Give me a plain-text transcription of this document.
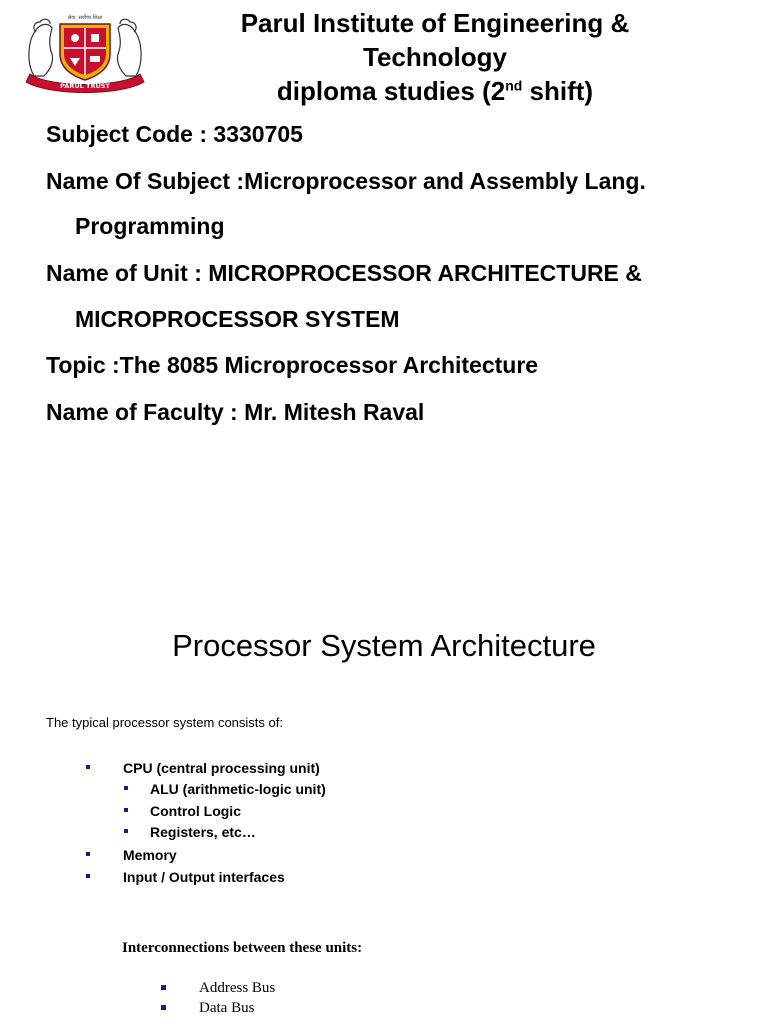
सेवा, सर्वोच्च शिक्षा
PARUL TRUST
Parul Institute of Engineering &
Technology
diploma studies (2nd shift)
Subject Code : 3330705
Name Of Subject :Microprocessor and Assembly Lang.
Programming
Name of Unit : MICROPROCESSOR ARCHITECTURE &
MICROPROCESSOR SYSTEM
Topic :The 8085 Microprocessor Architecture
Name of Faculty : Mr. Mitesh Raval
Processor System Architecture
The typical processor system consists of:
CPU (central processing unit)
ALU (arithmetic-logic unit)
Control Logic
Registers, etc…
Memory
Input / Output interfaces
Interconnections between these units:
Address Bus
Data Bus
